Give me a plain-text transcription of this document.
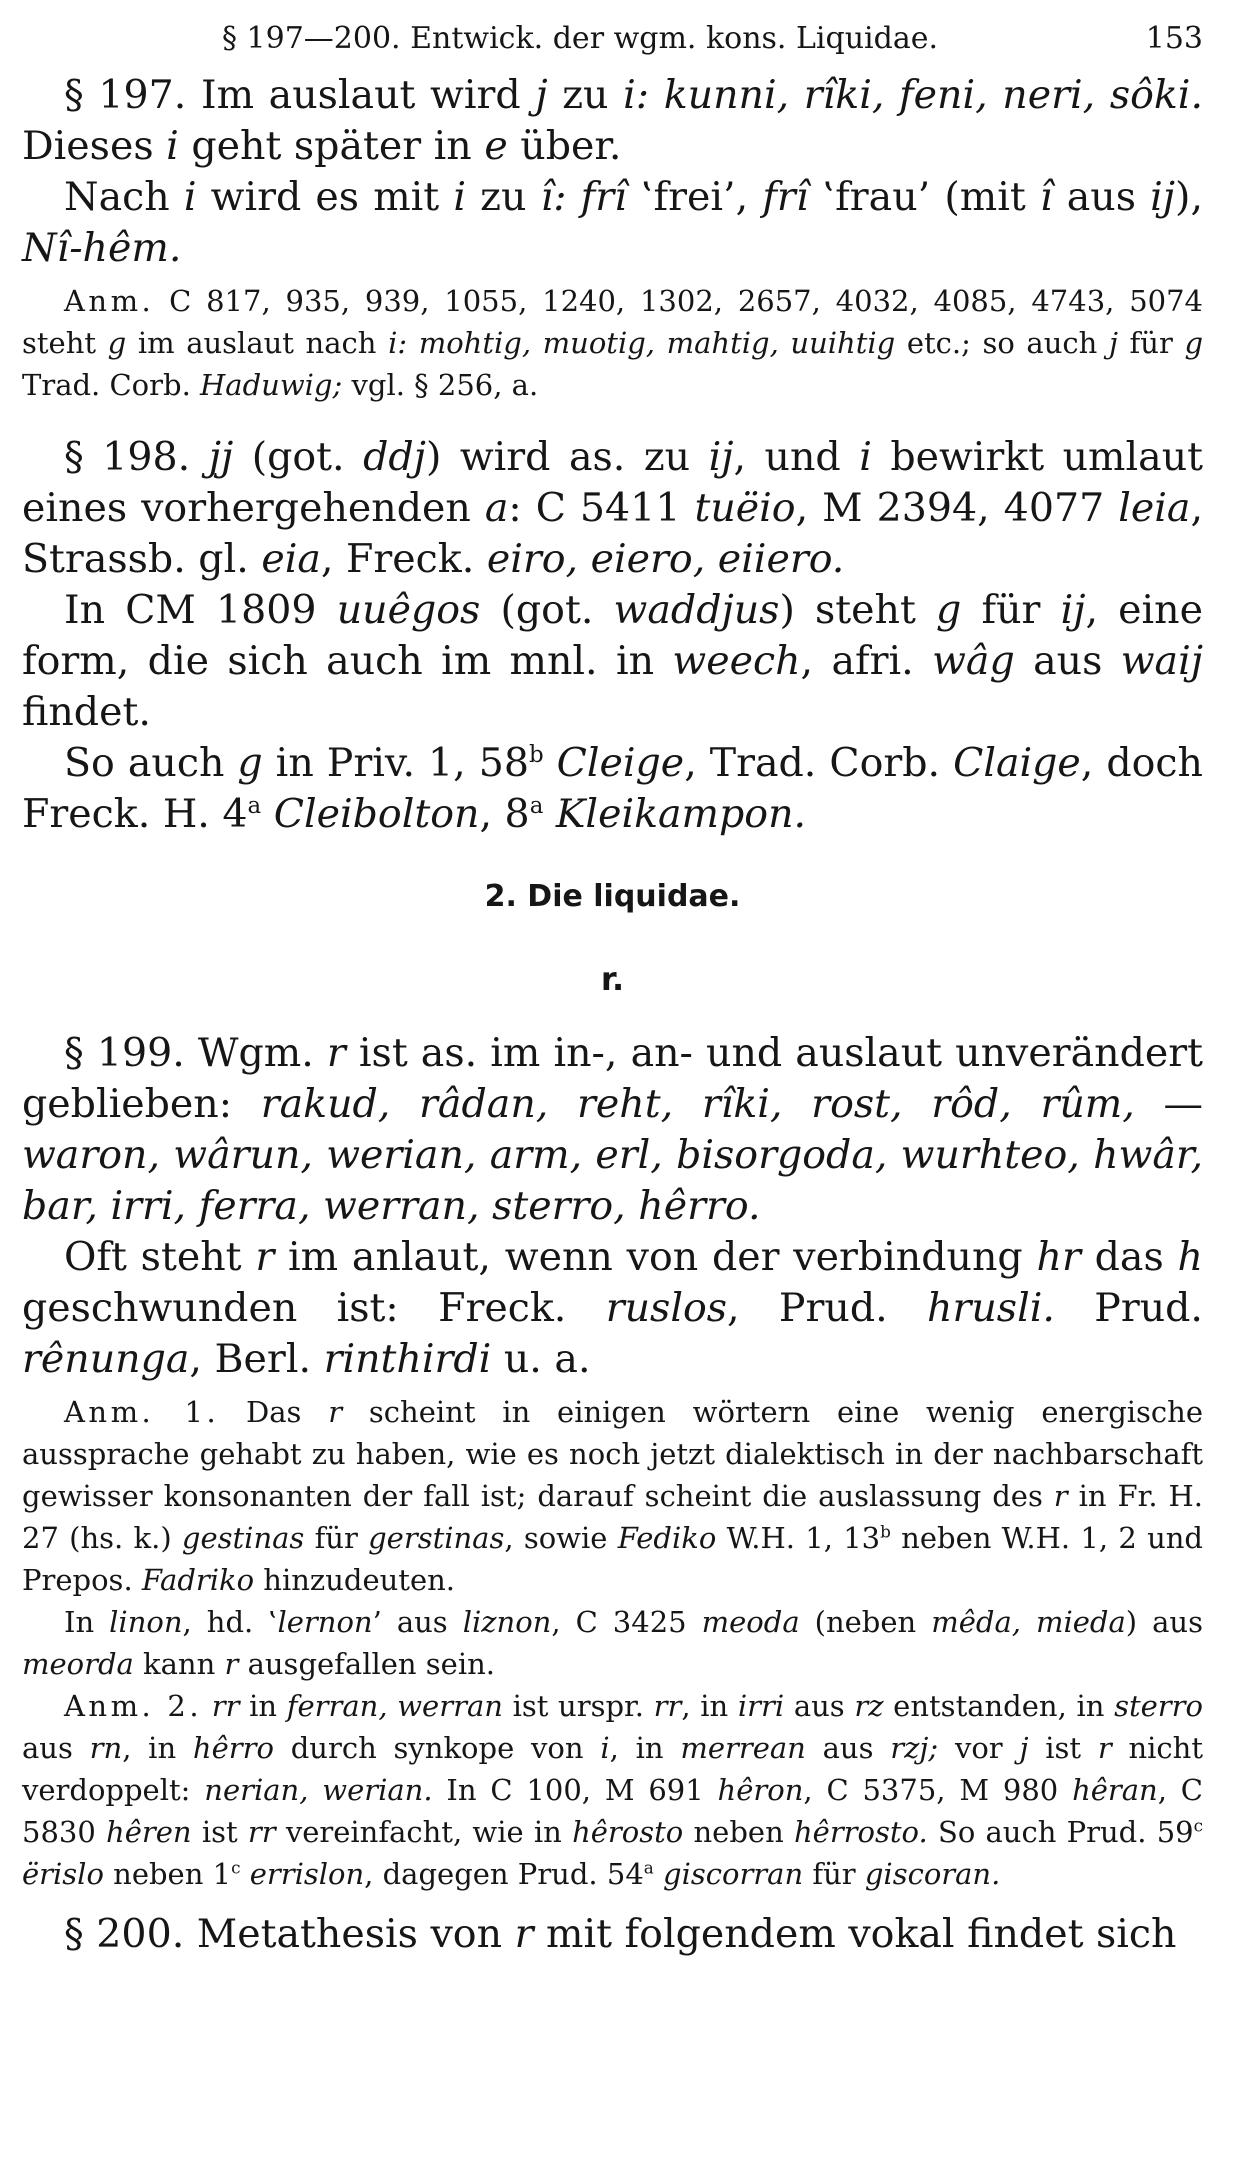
§ 197—200. Entwick. der wgm. kons. Liquidae.	153

§ 197. Im auslaut wird j zu i: kunni, rîki, feni, neri, sôki. Dieses i geht später in e über.

Nach i wird es mit i zu î: frî ‛frei’, frî ‛frau’ (mit î aus ij), Nî-hêm.

Anm. C 817, 935, 939, 1055, 1240, 1302, 2657, 4032, 4085, 4743, 5074 steht g im auslaut nach i: mohtig, muotig, mahtig, uuihtig etc.; so auch j für g Trad. Corb. Haduwig; vgl. § 256, a.

§ 198. jj (got. ddj) wird as. zu ij, und i bewirkt umlaut eines vorhergehenden a: C 5411 tuëio, M 2394, 4077 leia, Strassb. gl. eia, Freck. eiro, eiero, eiiero.

In CM 1809 uuêgos (got. waddjus) steht g für ij, eine form, die sich auch im mnl. in weech, afri. wâg aus waij findet.

So auch g in Priv. 1, 58$^b$ Cleige, Trad. Corb. Claige, doch Freck. H. 4$^a$ Cleibolton, 8$^a$ Kleikampon.

2. Die liquidae.
r.

§ 199. Wgm. r ist as. im in-, an- und auslaut unverändert geblieben: rakud, râdan, reht, rîki, rost, rôd, rûm, — waron, wârun, werian, arm, erl, bisorgoda, wurhteo, hwâr, bar, irri, ferra, werran, sterro, hêrro.

Oft steht r im anlaut, wenn von der verbindung hr das h geschwunden ist: Freck. ruslos, Prud. hrusli. Prud. rênunga, Berl. rinthirdi u. a.

Anm. 1. Das r scheint in einigen wörtern eine wenig energische aussprache gehabt zu haben, wie es noch jetzt dialektisch in der nachbarschaft gewisser konsonanten der fall ist; darauf scheint die auslassung des r in Fr. H. 27 (hs. k.) gestinas für gerstinas, sowie Fediko W.H. 1, 13$^b$ neben W.H. 1, 2 und Prepos. Fadriko hinzudeuten.

In linon, hd. ‛lernon’ aus liznon, C 3425 meoda (neben mêda, mieda) aus meorda kann r ausgefallen sein.

Anm. 2. rr in ferran, werran ist urspr. rr, in irri aus rz entstanden, in sterro aus rn, in hêrro durch synkope von i, in merrean aus rzj; vor j ist r nicht verdoppelt: nerian, werian. In C 100, M 691 hêron, C 5375, M 980 hêran, C 5830 hêren ist rr vereinfacht, wie in hêrosto neben hêrrosto. So auch Prud. 59$^c$ ërislo neben 1$^c$ errislon, dagegen Prud. 54$^a$ giscorran für giscoran.

§ 200. Metathesis von r mit folgendem vokal findet sich
